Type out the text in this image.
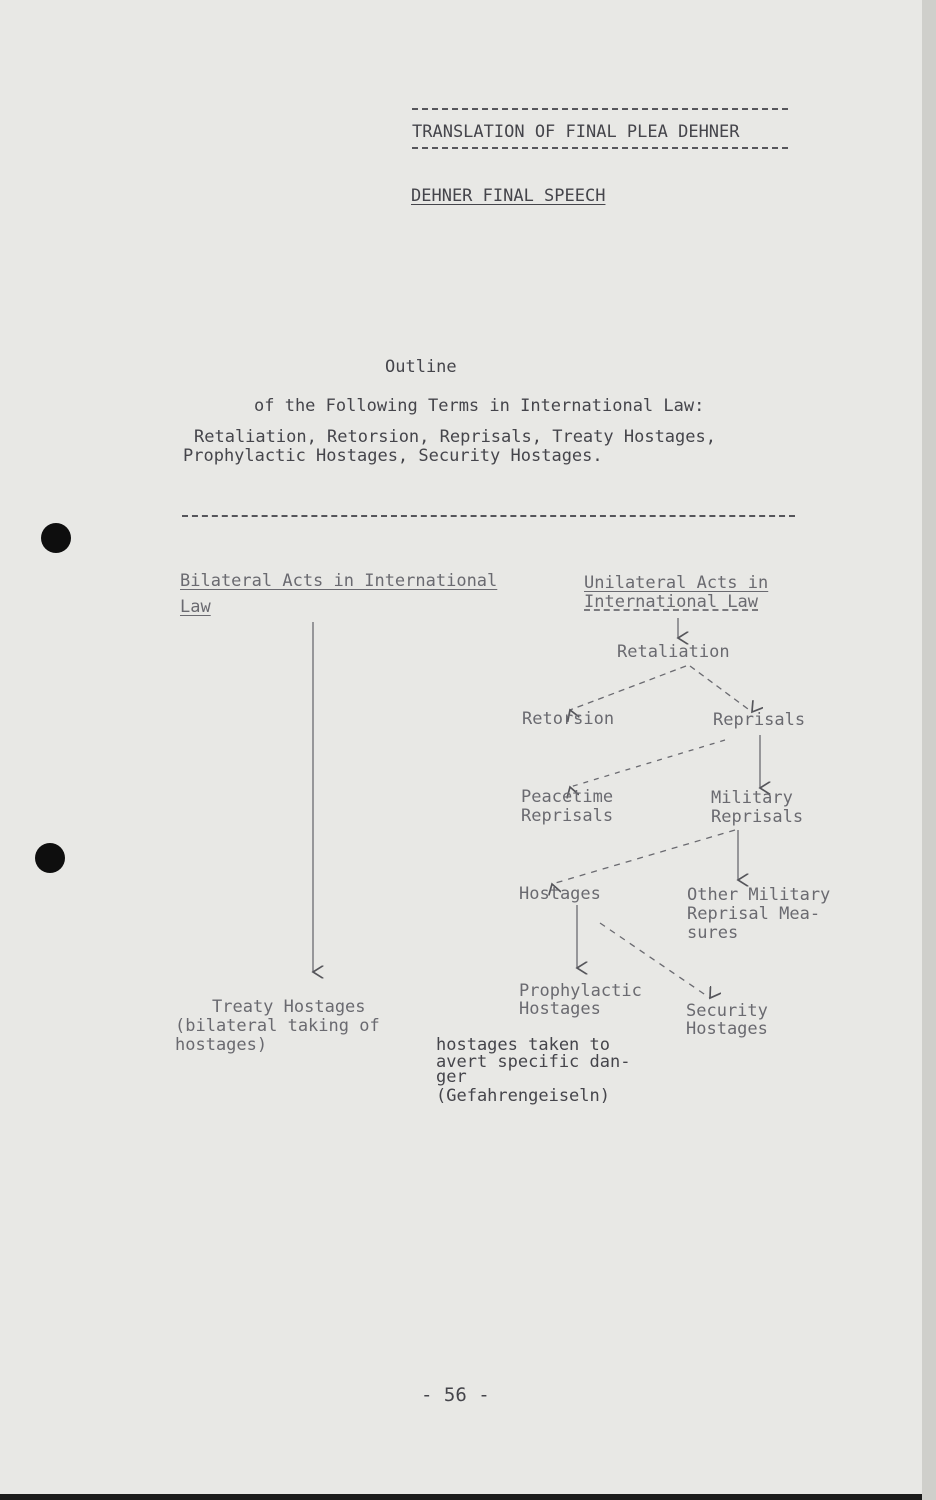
TRANSLATION OF FINAL PLEA DEHNER
DEHNER FINAL SPEECH
Outline
of the Following Terms in International Law:
Retaliation, Retorsion, Reprisals, Treaty Hostages,
Prophylactic Hostages, Security Hostages.
Bilateral Acts in International
Law
Unilateral Acts in
International Law
Retaliation
Retorsion	Reprisals
Peacetime
Reprisals
Military
Reprisals
Hostages	Other Military
Reprisal Mea-
sures
Prophylactic
Hostages	Security
Hostages
Treaty Hostages
(bilateral taking of
hostages)	hostages taken to
avert specific dan-
ger
(Gefahrengeiseln)
- 56 -
